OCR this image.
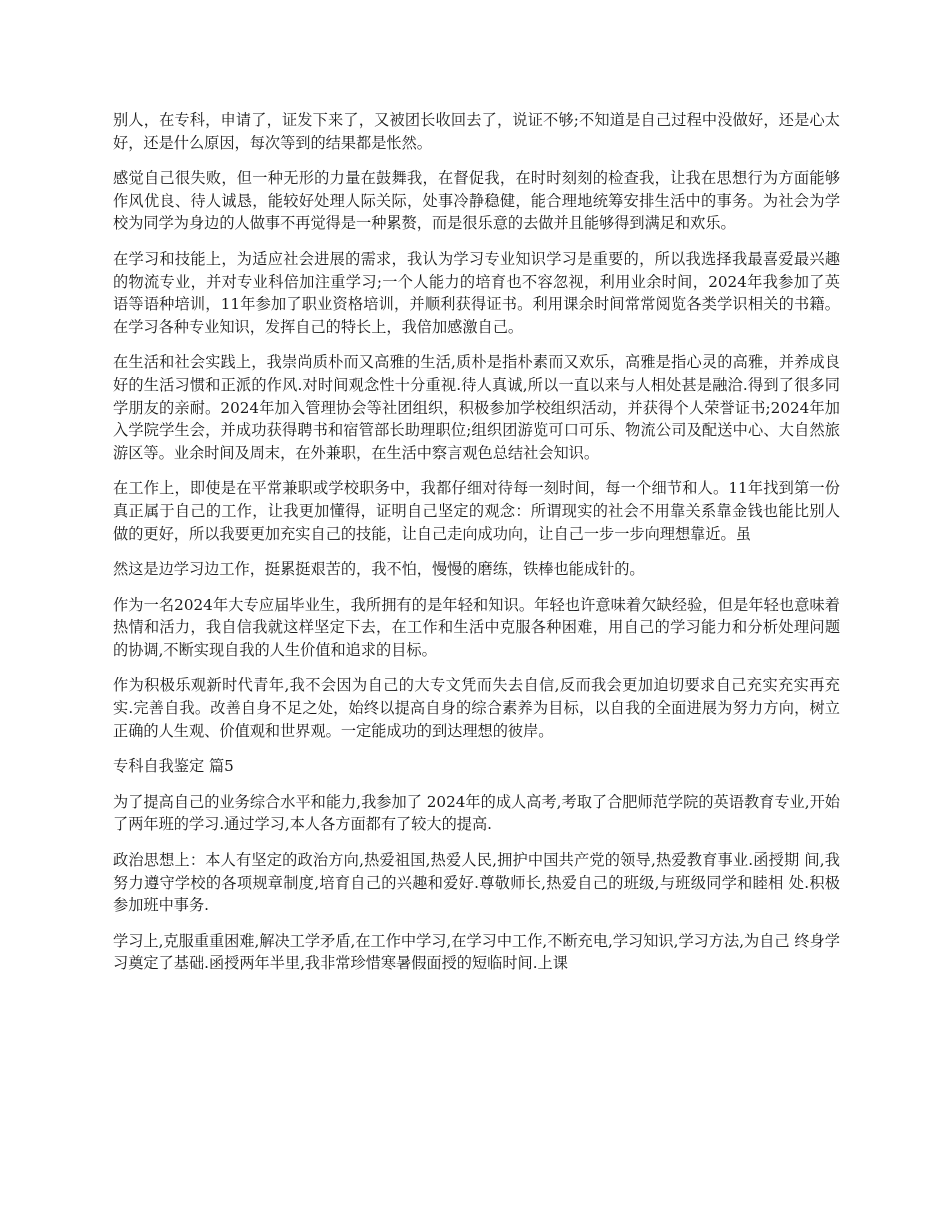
别人，在专科，申请了，证发下来了，又被团长收回去了，说证不够;不知道是自己过程中没做好，还是心太好，还是什么原因，每次等到的结果都是怅然。

感觉自己很失败，但一种无形的力量在鼓舞我，在督促我，在时时刻刻的检查我，让我在思想行为方面能够作风优良、待人诚恳，能较好处理人际关际，处事冷静稳健，能合理地统筹安排生活中的事务。为社会为学校为同学为身边的人做事不再觉得是一种累赘，而是很乐意的去做并且能够得到满足和欢乐。

在学习和技能上，为适应社会进展的需求，我认为学习专业知识学习是重要的，所以我选择我最喜爱最兴趣的物流专业，并对专业科倍加注重学习;一个人能力的培育也不容忽视，利用业余时间，2024年我参加了英语等语种培训，11年参加了职业资格培训，并顺利获得证书。利用课余时间常常阅览各类学识相关的书籍。在学习各种专业知识，发挥自己的特长上，我倍加感激自己。

在生活和社会实践上，我崇尚质朴而又高雅的生活,质朴是指朴素而又欢乐，高雅是指心灵的高雅，并养成良好的生活习惯和正派的作风.对时间观念性十分重视.待人真诚,所以一直以来与人相处甚是融洽.得到了很多同学朋友的亲耐。2024年加入管理协会等社团组织，积极参加学校组织活动，并获得个人荣誉证书;2024年加入学院学生会，并成功获得聘书和宿管部长助理职位;组织团游览可口可乐、物流公司及配送中心、大自然旅游区等。业余时间及周末，在外兼职，在生活中察言观色总结社会知识。

在工作上，即使是在平常兼职或学校职务中，我都仔细对待每一刻时间，每一个细节和人。11年找到第一份真正属于自己的工作，让我更加懂得，证明自己坚定的观念：所谓现实的社会不用靠关系靠金钱也能比别人做的更好，所以我要更加充实自己的技能，让自己走向成功向，让自己一步一步向理想靠近。虽

然这是边学习边工作，挺累挺艰苦的，我不怕，慢慢的磨练，铁棒也能成针的。

作为一名2024年大专应届毕业生，我所拥有的是年轻和知识。年轻也许意味着欠缺经验，但是年轻也意味着热情和活力，我自信我就这样坚定下去，在工作和生活中克服各种困难，用自己的学习能力和分析处理问题的协调,不断实现自我的人生价值和追求的目标。

作为积极乐观新时代青年,我不会因为自己的大专文凭而失去自信,反而我会更加迫切要求自己充实充实再充实.完善自我。改善自身不足之处，始终以提高自身的综合素养为目标，以自我的全面进展为努力方向，树立正确的人生观、价值观和世界观。一定能成功的到达理想的彼岸。

专科自我鉴定 篇5

为了提高自己的业务综合水平和能力,我参加了 2024年的成人高考,考取了合肥师范学院的英语教育专业,开始了两年班的学习.通过学习,本人各方面都有了较大的提高.

政治思想上：本人有坚定的政治方向,热爱祖国,热爱人民,拥护中国共产党的领导,热爱教育事业.函授期 间,我努力遵守学校的各项规章制度,培育自己的兴趣和爱好.尊敬师长,热爱自己的班级,与班级同学和睦相 处.积极参加班中事务.

学习上,克服重重困难,解决工学矛盾,在工作中学习,在学习中工作,不断充电,学习知识,学习方法,为自己 终身学习奠定了基础.函授两年半里,我非常珍惜寒暑假面授的短临时间.上课
